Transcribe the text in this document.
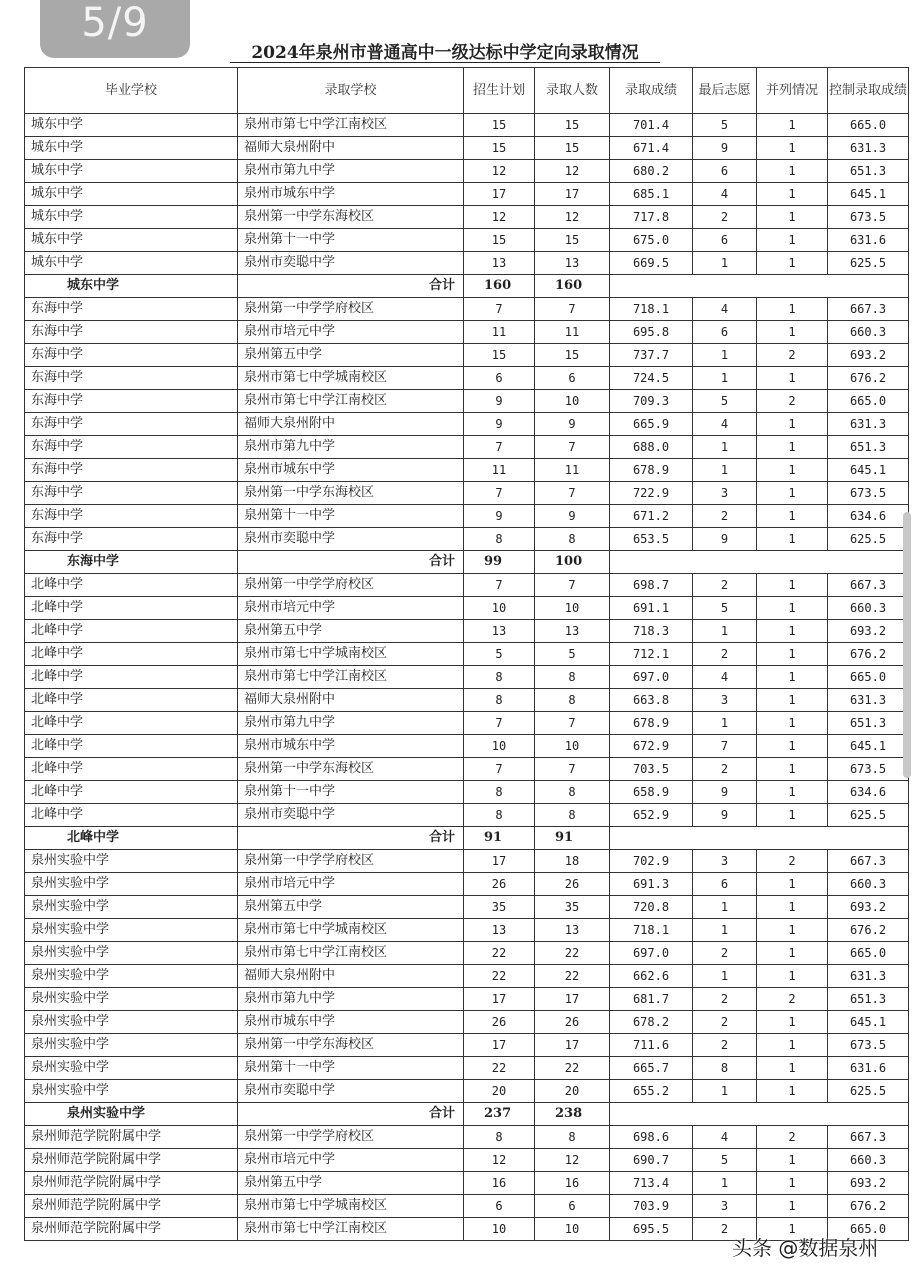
5/9
2024年泉州市普通高中一级达标中学定向录取情况
毕业学校	录取学校	招生计划	录取人数	录取成绩	最后志愿	并列情况	控制录取成绩
城东中学	泉州市第七中学江南校区	15	15	701.4	5	1	665.0
城东中学	福师大泉州附中	15	15	671.4	9	1	631.3
城东中学	泉州市第九中学	12	12	680.2	6	1	651.3
城东中学	泉州市城东中学	17	17	685.1	4	1	645.1
城东中学	泉州第一中学东海校区	12	12	717.8	2	1	673.5
城东中学	泉州第十一中学	15	15	675.0	6	1	631.6
城东中学	泉州市奕聪中学	13	13	669.5	1	1	625.5
城东中学	合计	160	160				
东海中学	泉州第一中学学府校区	7	7	718.1	4	1	667.3
东海中学	泉州市培元中学	11	11	695.8	6	1	660.3
东海中学	泉州第五中学	15	15	737.7	1	2	693.2
东海中学	泉州市第七中学城南校区	6	6	724.5	1	1	676.2
东海中学	泉州市第七中学江南校区	9	10	709.3	5	2	665.0
东海中学	福师大泉州附中	9	9	665.9	4	1	631.3
东海中学	泉州市第九中学	7	7	688.0	1	1	651.3
东海中学	泉州市城东中学	11	11	678.9	1	1	645.1
东海中学	泉州第一中学东海校区	7	7	722.9	3	1	673.5
东海中学	泉州第十一中学	9	9	671.2	2	1	634.6
东海中学	泉州市奕聪中学	8	8	653.5	9	1	625.5
东海中学	合计	99	100				
北峰中学	泉州第一中学学府校区	7	7	698.7	2	1	667.3
北峰中学	泉州市培元中学	10	10	691.1	5	1	660.3
北峰中学	泉州第五中学	13	13	718.3	1	1	693.2
北峰中学	泉州市第七中学城南校区	5	5	712.1	2	1	676.2
北峰中学	泉州市第七中学江南校区	8	8	697.0	4	1	665.0
北峰中学	福师大泉州附中	8	8	663.8	3	1	631.3
北峰中学	泉州市第九中学	7	7	678.9	1	1	651.3
北峰中学	泉州市城东中学	10	10	672.9	7	1	645.1
北峰中学	泉州第一中学东海校区	7	7	703.5	2	1	673.5
北峰中学	泉州第十一中学	8	8	658.9	9	1	634.6
北峰中学	泉州市奕聪中学	8	8	652.9	9	1	625.5
北峰中学	合计	91	91				
泉州实验中学	泉州第一中学学府校区	17	18	702.9	3	2	667.3
泉州实验中学	泉州市培元中学	26	26	691.3	6	1	660.3
泉州实验中学	泉州第五中学	35	35	720.8	1	1	693.2
泉州实验中学	泉州市第七中学城南校区	13	13	718.1	1	1	676.2
泉州实验中学	泉州市第七中学江南校区	22	22	697.0	2	1	665.0
泉州实验中学	福师大泉州附中	22	22	662.6	1	1	631.3
泉州实验中学	泉州市第九中学	17	17	681.7	2	2	651.3
泉州实验中学	泉州市城东中学	26	26	678.2	2	1	645.1
泉州实验中学	泉州第一中学东海校区	17	17	711.6	2	1	673.5
泉州实验中学	泉州第十一中学	22	22	665.7	8	1	631.6
泉州实验中学	泉州市奕聪中学	20	20	655.2	1	1	625.5
泉州实验中学	合计	237	238				
泉州师范学院附属中学	泉州第一中学学府校区	8	8	698.6	4	2	667.3
泉州师范学院附属中学	泉州市培元中学	12	12	690.7	5	1	660.3
泉州师范学院附属中学	泉州第五中学	16	16	713.4	1	1	693.2
泉州师范学院附属中学	泉州市第七中学城南校区	6	6	703.9	3	1	676.2
泉州师范学院附属中学	泉州市第七中学江南校区	10	10	695.5	2	1	665.0
头条 @数据泉州
